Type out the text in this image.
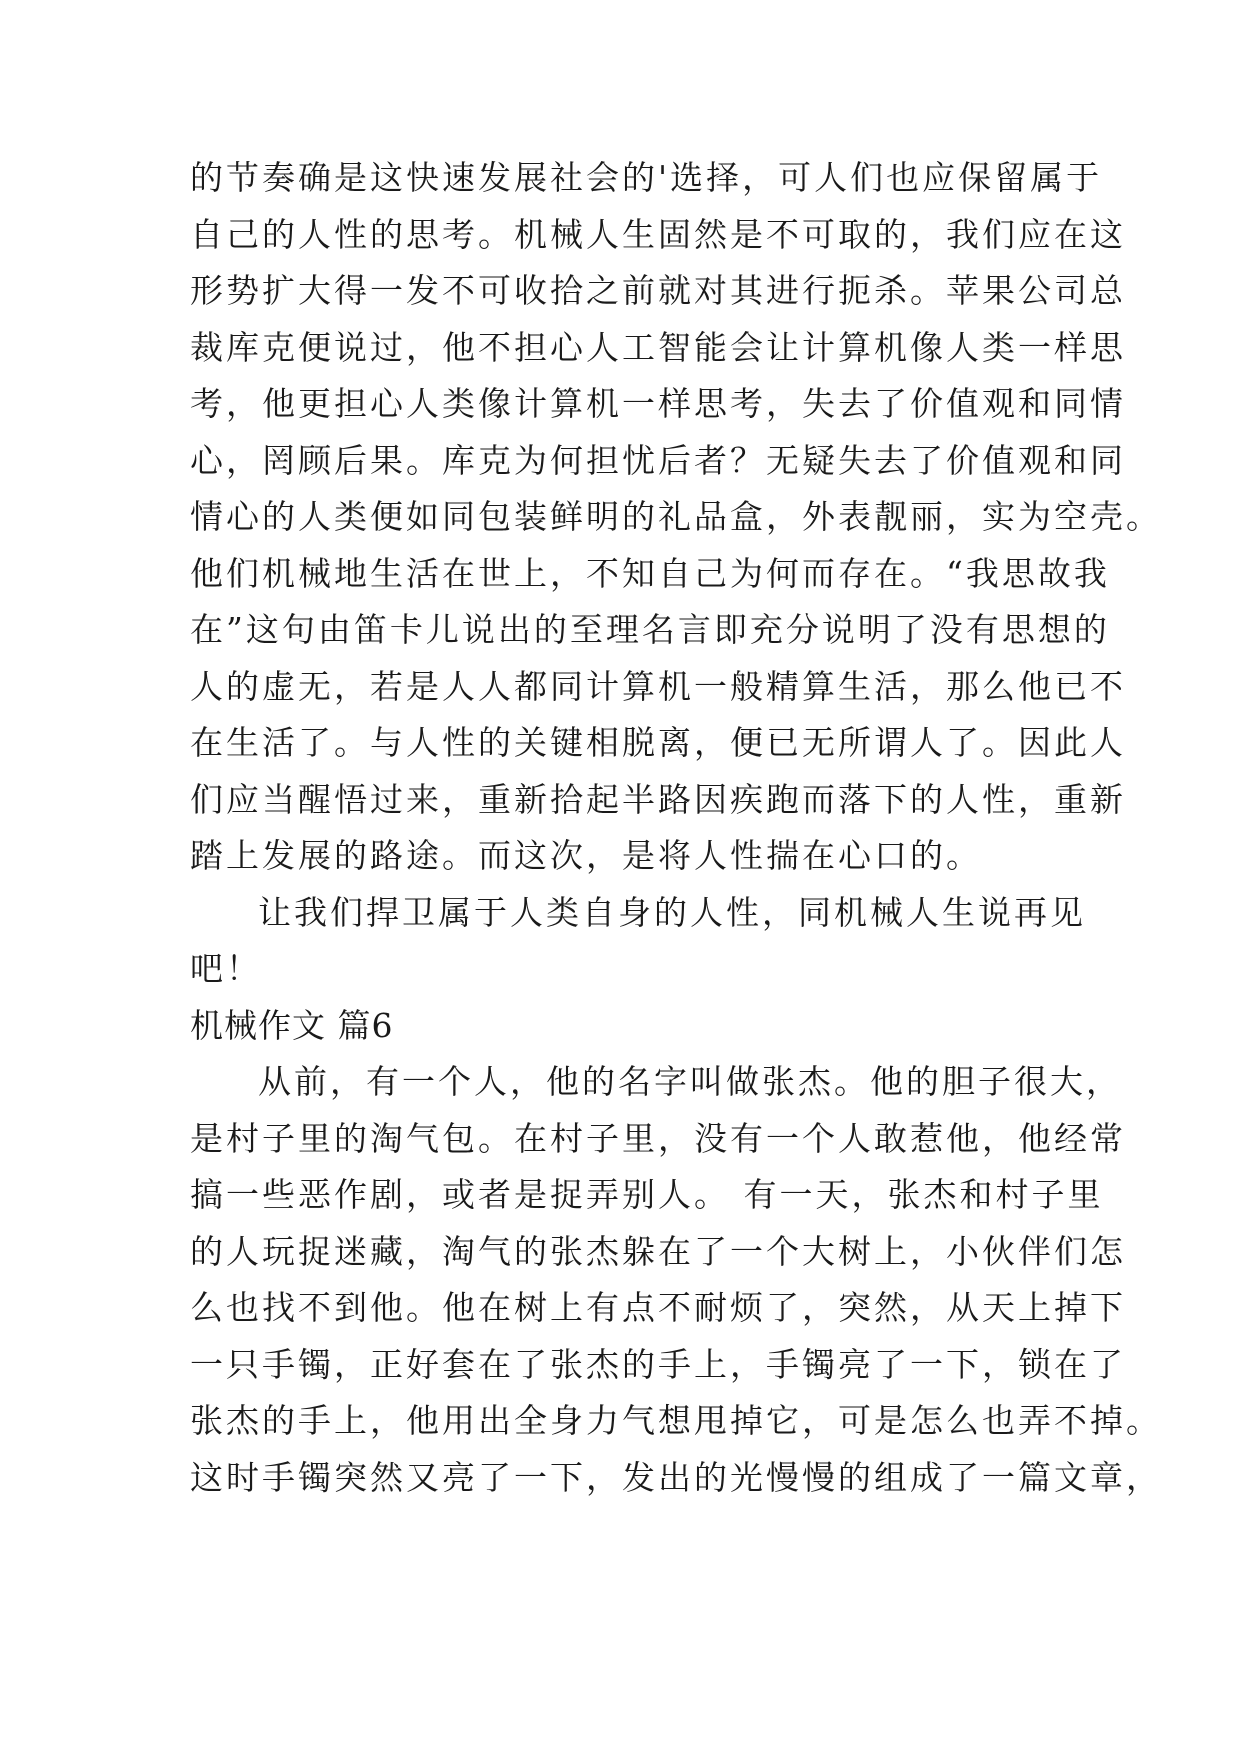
的节奏确是这快速发展社会的'选择，可人们也应保留属于
自己的人性的思考。机械人生固然是不可取的，我们应在这
形势扩大得一发不可收拾之前就对其进行扼杀。苹果公司总
裁库克便说过，他不担心人工智能会让计算机像人类一样思
考，他更担心人类像计算机一样思考，失去了价值观和同情
心，罔顾后果。库克为何担忧后者？无疑失去了价值观和同
情心的人类便如同包装鲜明的礼品盒，外表靓丽，实为空壳。
他们机械地生活在世上，不知自己为何而存在。“我思故我
在”这句由笛卡儿说出的至理名言即充分说明了没有思想的
人的虚无，若是人人都同计算机一般精算生活，那么他已不
在生活了。与人性的关键相脱离，便已无所谓人了。因此人
们应当醒悟过来，重新拾起半路因疾跑而落下的人性，重新
踏上发展的路途。而这次，是将人性揣在心口的。
让我们捍卫属于人类自身的人性，同机械人生说再见
吧！
机械作文 篇6
从前，有一个人，他的名字叫做张杰。他的胆子很大，
是村子里的淘气包。在村子里，没有一个人敢惹他，他经常
搞一些恶作剧，或者是捉弄别人。 有一天，张杰和村子里
的人玩捉迷藏，淘气的张杰躲在了一个大树上，小伙伴们怎
么也找不到他。他在树上有点不耐烦了，突然，从天上掉下
一只手镯，正好套在了张杰的手上，手镯亮了一下，锁在了
张杰的手上，他用出全身力气想甩掉它，可是怎么也弄不掉。
这时手镯突然又亮了一下，发出的光慢慢的组成了一篇文章，
